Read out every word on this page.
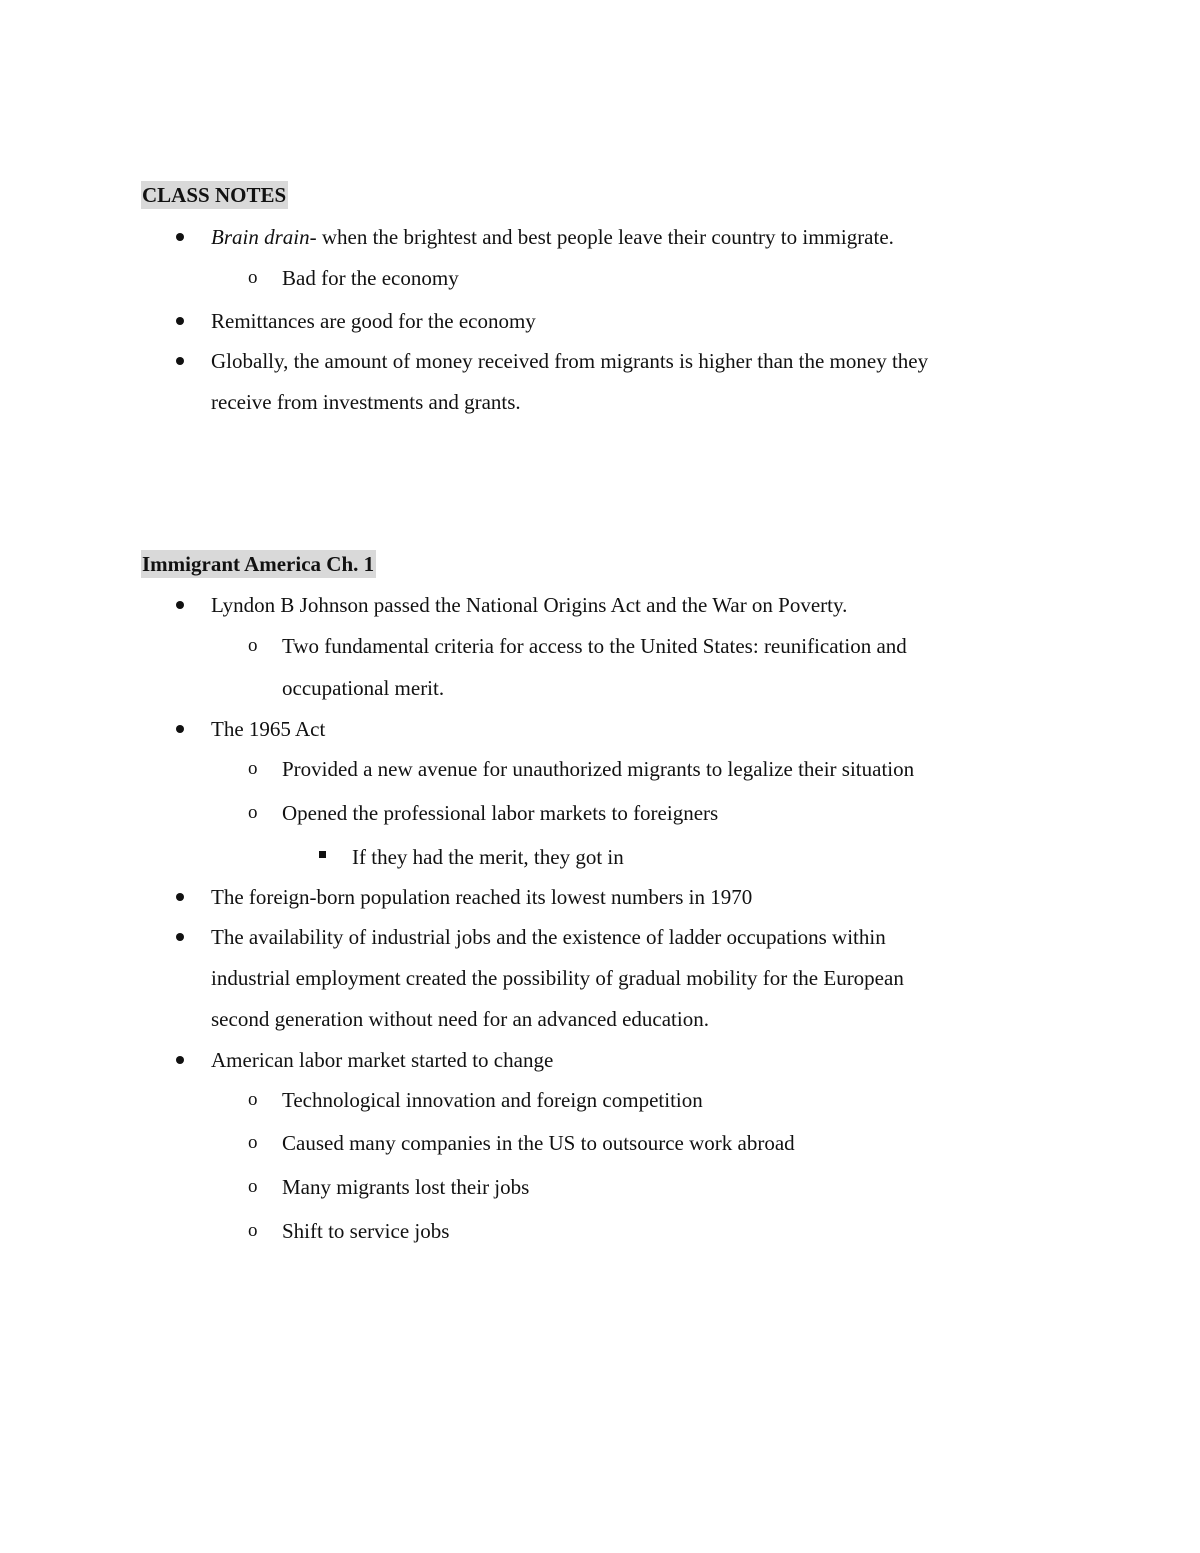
CLASS NOTES
Brain drain- when the brightest and best people leave their country to immigrate.
o Bad for the economy
Remittances are good for the economy
Globally, the amount of money received from migrants is higher than the money they
receive from investments and grants.
Immigrant America Ch. 1
Lyndon B Johnson passed the National Origins Act and the War on Poverty.
o Two fundamental criteria for access to the United States: reunification and
occupational merit.
The 1965 Act
o Provided a new avenue for unauthorized migrants to legalize their situation
o Opened the professional labor markets to foreigners
If they had the merit, they got in
The foreign-born population reached its lowest numbers in 1970
The availability of industrial jobs and the existence of ladder occupations within
industrial employment created the possibility of gradual mobility for the European
second generation without need for an advanced education.
American labor market started to change
o Technological innovation and foreign competition
o Caused many companies in the US to outsource work abroad
o Many migrants lost their jobs
o Shift to service jobs
